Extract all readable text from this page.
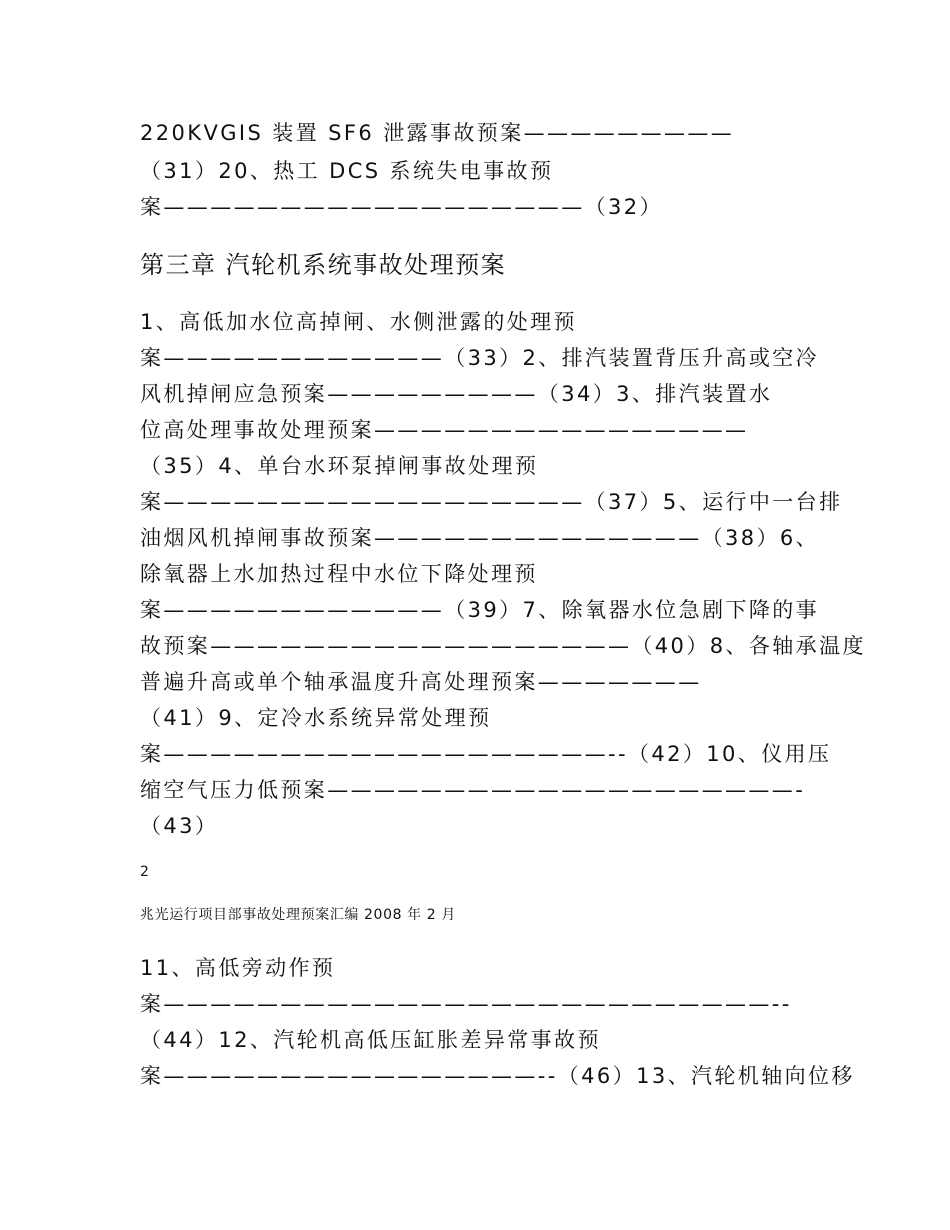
220KVGIS 装置 SF6 泄露事故预案—————————
（31）20、热工 DCS 系统失电事故预
案——————————————————（32）
第三章 汽轮机系统事故处理预案
1、高低加水位高掉闸、水侧泄露的处理预
案————————————（33）2、排汽装置背压升高或空冷
风机掉闸应急预案—————————（34）3、排汽装置水
位高处理事故处理预案————————————————
（35）4、单台水环泵掉闸事故处理预
案——————————————————（37）5、运行中一台排
油烟风机掉闸事故预案——————————————（38）6、
除氧器上水加热过程中水位下降处理预
案————————————（39）7、除氧器水位急剧下降的事
故预案——————————————————（40）8、各轴承温度
普遍升高或单个轴承温度升高处理预案———————
（41）9、定冷水系统异常处理预
案———————————————————--（42）10、仪用压
缩空气压力低预案————————————————————-
（43）
2
兆光运行项目部事故处理预案汇编 2008 年 2 月
11、高低旁动作预
案——————————————————————————--
（44）12、汽轮机高低压缸胀差异常事故预
案————————————————--（46）13、汽轮机轴向位移
